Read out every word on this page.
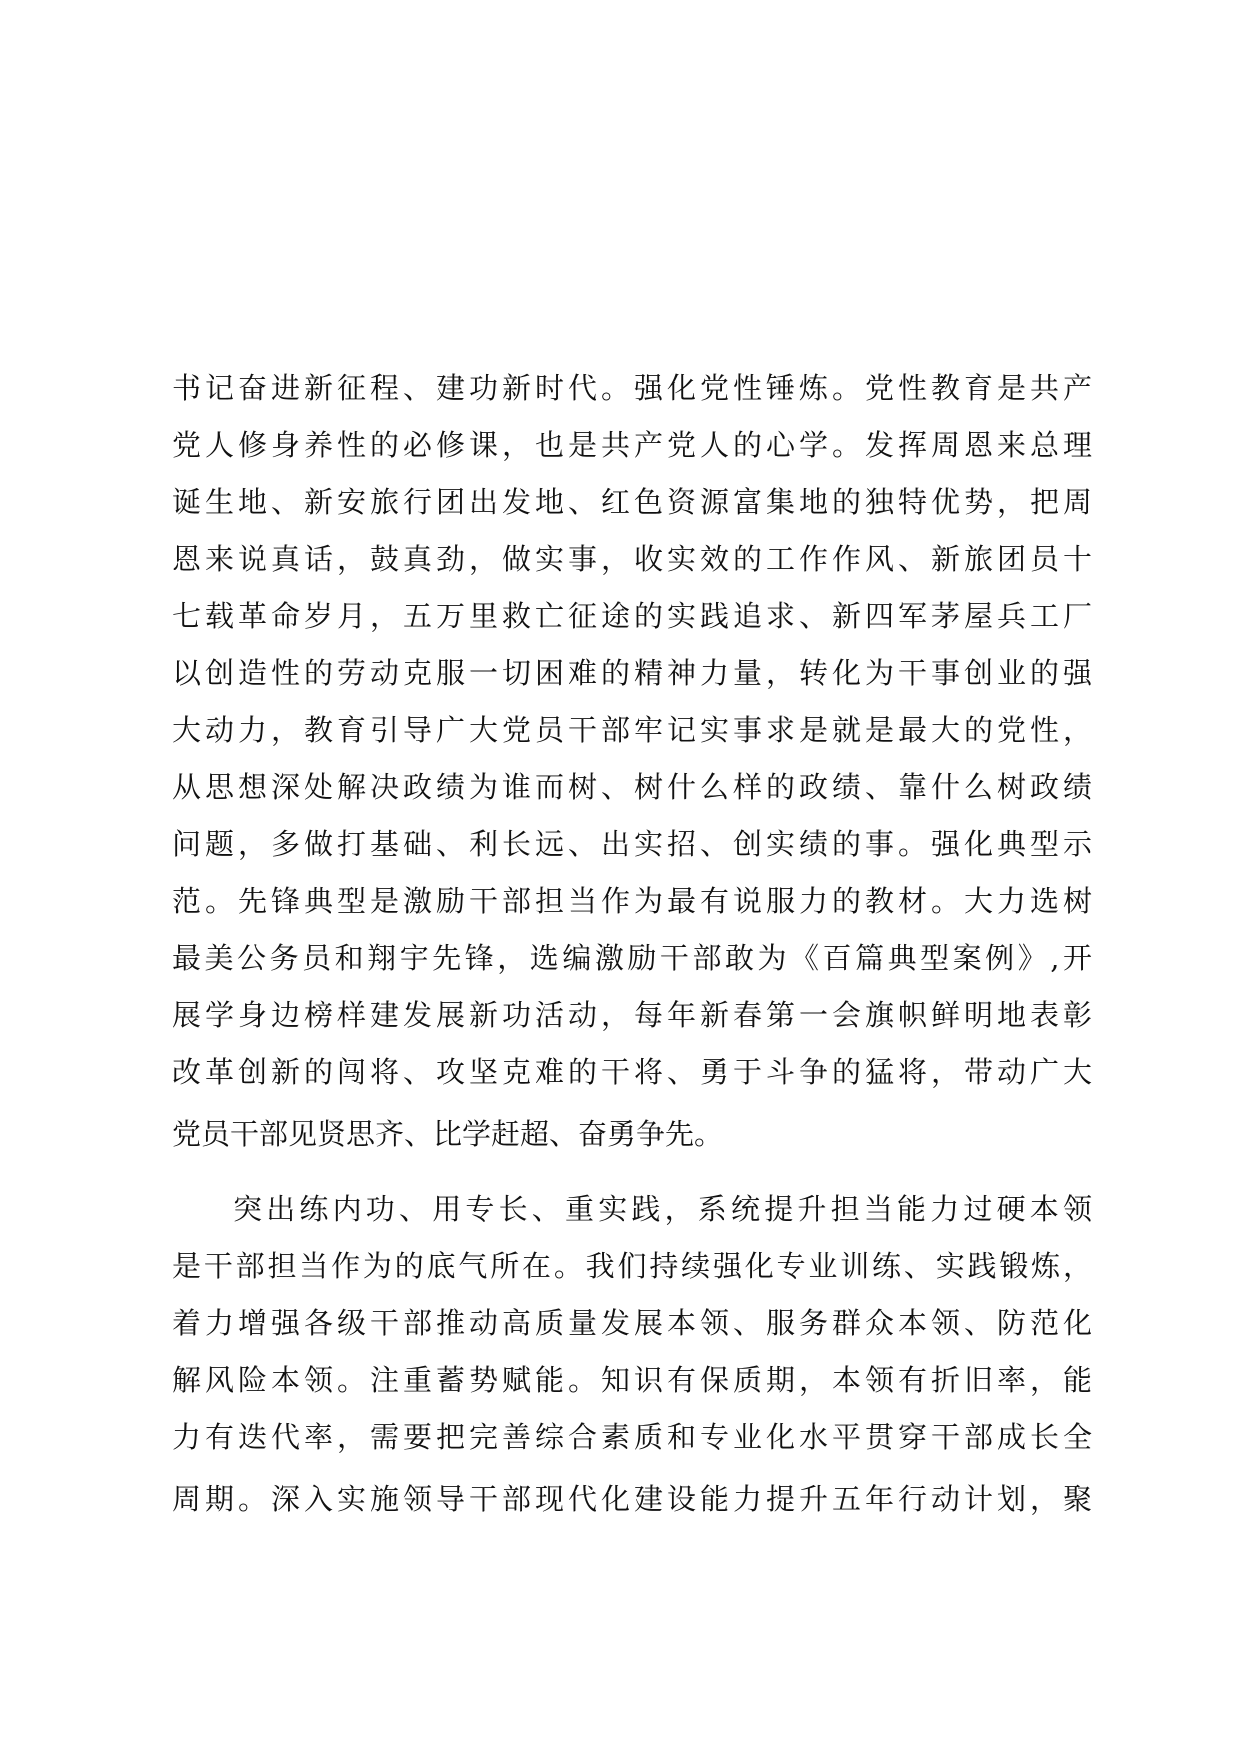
书记奋进新征程、建功新时代。强化党性锤炼。党性教育是共产
党人修身养性的必修课，也是共产党人的心学。发挥周恩来总理
诞生地、新安旅行团出发地、红色资源富集地的独特优势，把周
恩来说真话，鼓真劲，做实事，收实效的工作作风、新旅团员十
七载革命岁月，五万里救亡征途的实践追求、新四军茅屋兵工厂
以创造性的劳动克服一切困难的精神力量，转化为干事创业的强
大动力，教育引导广大党员干部牢记实事求是就是最大的党性，
从思想深处解决政绩为谁而树、树什么样的政绩、靠什么树政绩
问题，多做打基础、利长远、出实招、创实绩的事。强化典型示
范。先锋典型是激励干部担当作为最有说服力的教材。大力选树
最美公务员和翔宇先锋，选编激励干部敢为《百篇典型案例》,开
展学身边榜样建发展新功活动，每年新春第一会旗帜鲜明地表彰
改革创新的闯将、攻坚克难的干将、勇于斗争的猛将，带动广大
党员干部见贤思齐、比学赶超、奋勇争先。
突出练内功、用专长、重实践，系统提升担当能力过硬本领
是干部担当作为的底气所在。我们持续强化专业训练、实践锻炼，
着力增强各级干部推动高质量发展本领、服务群众本领、防范化
解风险本领。注重蓄势赋能。知识有保质期，本领有折旧率，能
力有迭代率，需要把完善综合素质和专业化水平贯穿干部成长全
周期。深入实施领导干部现代化建设能力提升五年行动计划，聚
